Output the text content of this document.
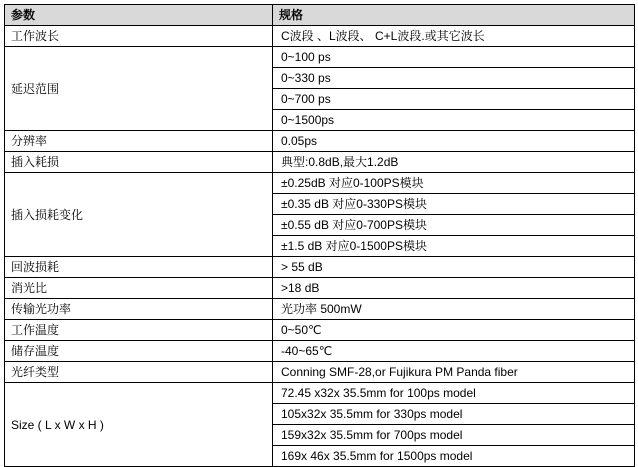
参数	规格
工作波长	C波段 、L波段、 C+L波段.或其它波长
延迟范围	0~100 ps
	0~330 ps
	0~700 ps
	0~1500ps
分辨率	0.05ps
插入耗损	典型:0.8dB,最大1.2dB
插入损耗变化	±0.25dB 对应0-100PS模块
	±0.35 dB 对应0-330PS模块
	±0.55 dB 对应0-700PS模块
	±1.5 dB 对应0-1500PS模块
回波损耗	> 55 dB
消光比	>18 dB
传输光功率	光功率 500mW
工作温度	0~50℃
储存温度	-40~65℃
光纤类型	Conning SMF-28,or Fujikura PM Panda fiber
Size ( L x W x H )	72.45 x32x 35.5mm for 100ps model
	105x32x 35.5mm for 330ps model
	159x32x 35.5mm for 700ps model
	169x 46x 35.5mm for 1500ps model
